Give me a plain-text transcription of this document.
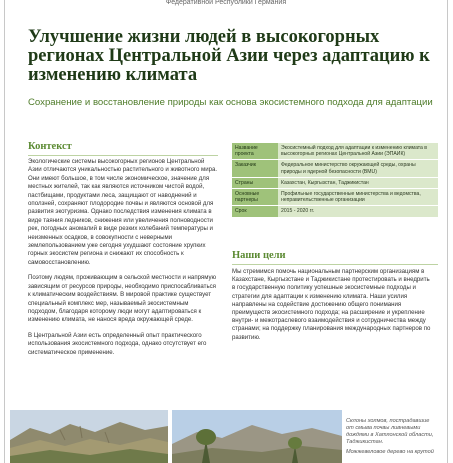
Федеративной Республики Германия
Улучшение жизни людей в высокогорных регионах Центральной Азии через адаптацию к изменению климата

Сохранение и восстановление природы как основа экосистемного подхода для адаптации

Контекст

Экологические системы высокогорных регионов Центральной Азии отличаются уникальностью растительного и животного мира. Они имеют большое, в том числе экономическое, значение для местных жителей, так как являются источником чистой водой, пастбищами, продуктами леса, защищают от наводнений и оползней, сохраняют плодородие почвы и являются основой для развития экотуризма. Однако последствия изменения климата в виде таяния ледников, снижения или увеличения полноводности рек, погодных аномалий в виде резких колебаний температуры и неизменных осадков, в совокупности с неверными землепользованием уже сегодня ухудшают состояние хрупких горных экосистем региона и снижают их способность к самовосстановлению.

Поэтому людям, проживающим в сельской местности и напрямую зависящим от ресурсов природы, необходимо приспосабливаться к климатическим воздействиям. В мировой практике существует специальный комплекс мер, называемый экосистемным подходом, благодаря которому люди могут адаптироваться к изменению климата, не нанося вреда окружающей среде.

В Центральной Азии есть определенный опыт практического использования экосистемного подхода, однако отсутствует его систематическое применение.

Название проекта	Экосистемный подход для адаптации к изменению климата в высокогорных регионах Центральной Азии (ЭПАИК)
Заказчик	Федеральное министерство окружающей среды, охраны природы и ядерной безопасности (BMU)
Страны	Казахстан, Кыргызстан, Таджикистан
Основные партнеры	Профильные государственные министерства и ведомства, неправительственные организации
Срок	2015 - 2020 гг.
Наши цели

Мы стремимся помочь национальным партнерским организациям в Казахстане, Кыргызстане и Таджикистане протестировать и внедрить в государственную политику успешные экосистемные подходы и стратегии для адаптации к изменению климата. Наши усилия направлены на содействие достижению общего понимания преимуществ экосистемного подхода; на расширение и укрепление внутри- и межотраслевого взаимодействия и сотрудничества между странами; на поддержку планирования международных партнеров по развитию.

Склоны холмов, пострадавшие от смыва почвы ливневыми дождями в Хатлонской области, Таджикистан.

Можжевеловое дерево на крутой
